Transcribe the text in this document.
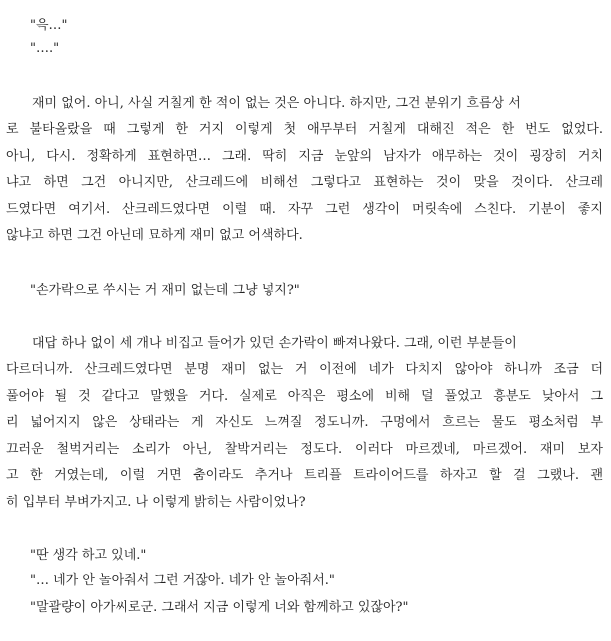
"윽…"
"…."
재미 없어. 아니, 사실 거칠게 한 적이 없는 것은 아니다. 하지만, 그건 분위기 흐름상 서
로 불타올랐을 때 그렇게 한 거지 이렇게 첫 애무부터 거칠게 대해진 적은 한 번도 없었다.
아니, 다시. 정확하게 표현하면… 그래. 딱히 지금 눈앞의 남자가 애무하는 것이 굉장히 거치
냐고 하면 그건 아니지만, 산크레드에 비해선 그렇다고 표현하는 것이 맞을 것이다. 산크레
드였다면 여기서. 산크레드였다면 이럴 때. 자꾸 그런 생각이 머릿속에 스친다. 기분이 좋지
않냐고 하면 그건 아닌데 묘하게 재미 없고 어색하다.
"손가락으로 쑤시는 거 재미 없는데 그냥 넣지?"
대답 하나 없이 세 개나 비집고 들어가 있던 손가락이 빠져나왔다. 그래, 이런 부분들이
다르더니까. 산크레드였다면 분명 재미 없는 거 이전에 네가 다치지 않아야 하니까 조금 더
풀어야 될 것 같다고 말했을 거다. 실제로 아직은 평소에 비해 덜 풀었고 흥분도 낮아서 그
리 넓어지지 않은 상태라는 게 자신도 느껴질 정도니까. 구멍에서 흐르는 물도 평소처럼 부
끄러운 철벅거리는 소리가 아닌, 찰박거리는 정도다. 이러다 마르겠네, 마르겠어. 재미 보자
고 한 거였는데, 이럴 거면 춤이라도 추거나 트리플 트라이어드를 하자고 할 걸 그랬나. 괜
히 입부터 부벼가지고. 나 이렇게 밝히는 사람이었나?
"딴 생각 하고 있네."
"… 네가 안 놀아줘서 그런 거잖아. 네가 안 놀아줘서."
"말괄량이 아가씨로군. 그래서 지금 이렇게 너와 함께하고 있잖아?"
